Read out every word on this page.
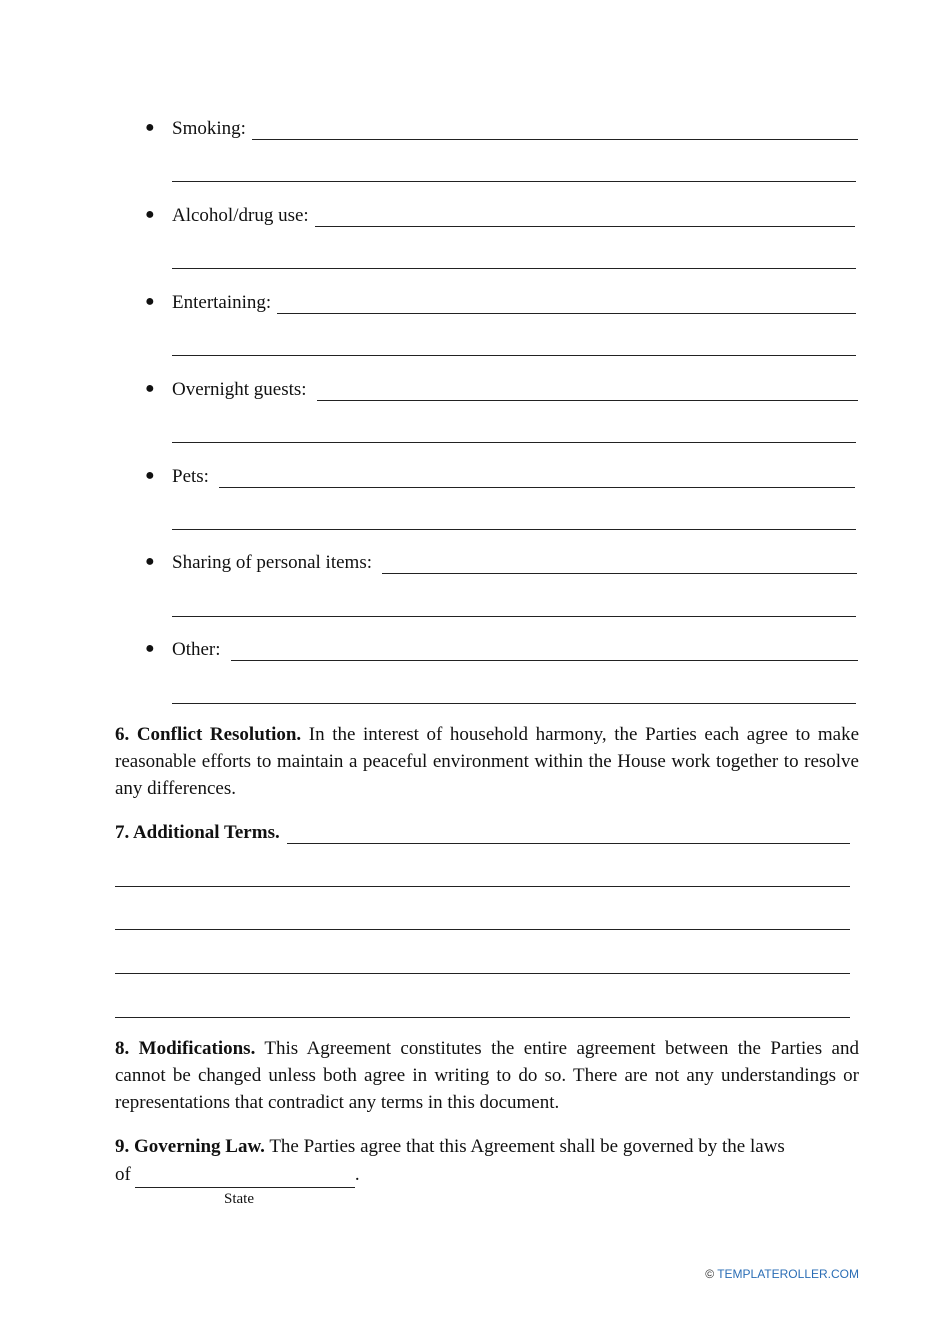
● Smoking:
● Alcohol/drug use:
● Entertaining:
● Overnight guests:
● Pets:
● Sharing of personal items:
● Other:
6. Conflict Resolution. In the interest of household harmony, the Parties each agree to make reasonable efforts to maintain a peaceful environment within the House work together to resolve any differences.
7. Additional Terms.
8. Modifications. This Agreement constitutes the entire agreement between the Parties and cannot be changed unless both agree in writing to do so. There are not any understandings or representations that contradict any terms in this document.
9. Governing Law. The Parties agree that this Agreement shall be governed by the laws
of	.
State
© TEMPLATEROLLER.COM
